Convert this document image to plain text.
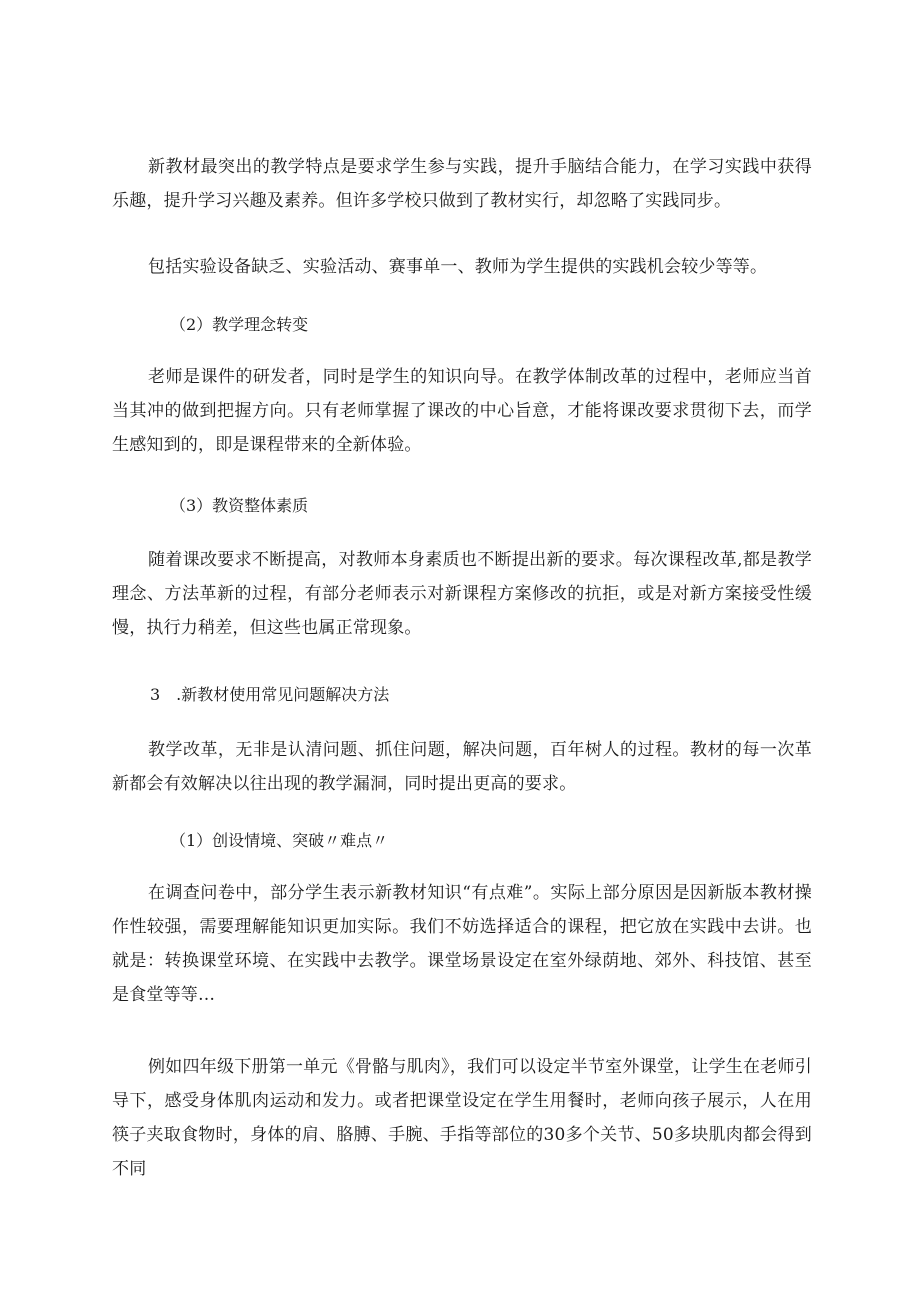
新教材最突出的教学特点是要求学生参与实践，提升手脑结合能力，在学习实践中获得乐趣，提升学习兴趣及素养。但许多学校只做到了教材实行，却忽略了实践同步。

包括实验设备缺乏、实验活动、赛事单一、教师为学生提供的实践机会较少等等。

（2）教学理念转变

老师是课件的研发者，同时是学生的知识向导。在教学体制改革的过程中，老师应当首当其冲的做到把握方向。只有老师掌握了课改的中心旨意，才能将课改要求贯彻下去，而学生感知到的，即是课程带来的全新体验。

（3）教资整体素质

随着课改要求不断提高，对教师本身素质也不断提出新的要求。每次课程改革,都是教学理念、方法革新的过程，有部分老师表示对新课程方案修改的抗拒，或是对新方案接受性缓慢，执行力稍差，但这些也属正常现象。

3　.新教材使用常见问题解决方法

教学改革，无非是认清问题、抓住问题，解决问题，百年树人的过程。教材的每一次革新都会有效解决以往出现的教学漏洞，同时提出更高的要求。

（1）创设情境、突破〃难点〃

在调查问卷中，部分学生表示新教材知识“有点难”。实际上部分原因是因新版本教材操作性较强，需要理解能知识更加实际。我们不妨选择适合的课程，把它放在实践中去讲。也就是：转换课堂环境、在实践中去教学。课堂场景设定在室外绿荫地、郊外、科技馆、甚至是食堂等等…

例如四年级下册第一单元《骨骼与肌肉》，我们可以设定半节室外课堂，让学生在老师引导下，感受身体肌肉运动和发力。或者把课堂设定在学生用餐时，老师向孩子展示，人在用筷子夹取食物时，身体的肩、胳膊、手腕、手指等部位的30多个关节、50多块肌肉都会得到不同
